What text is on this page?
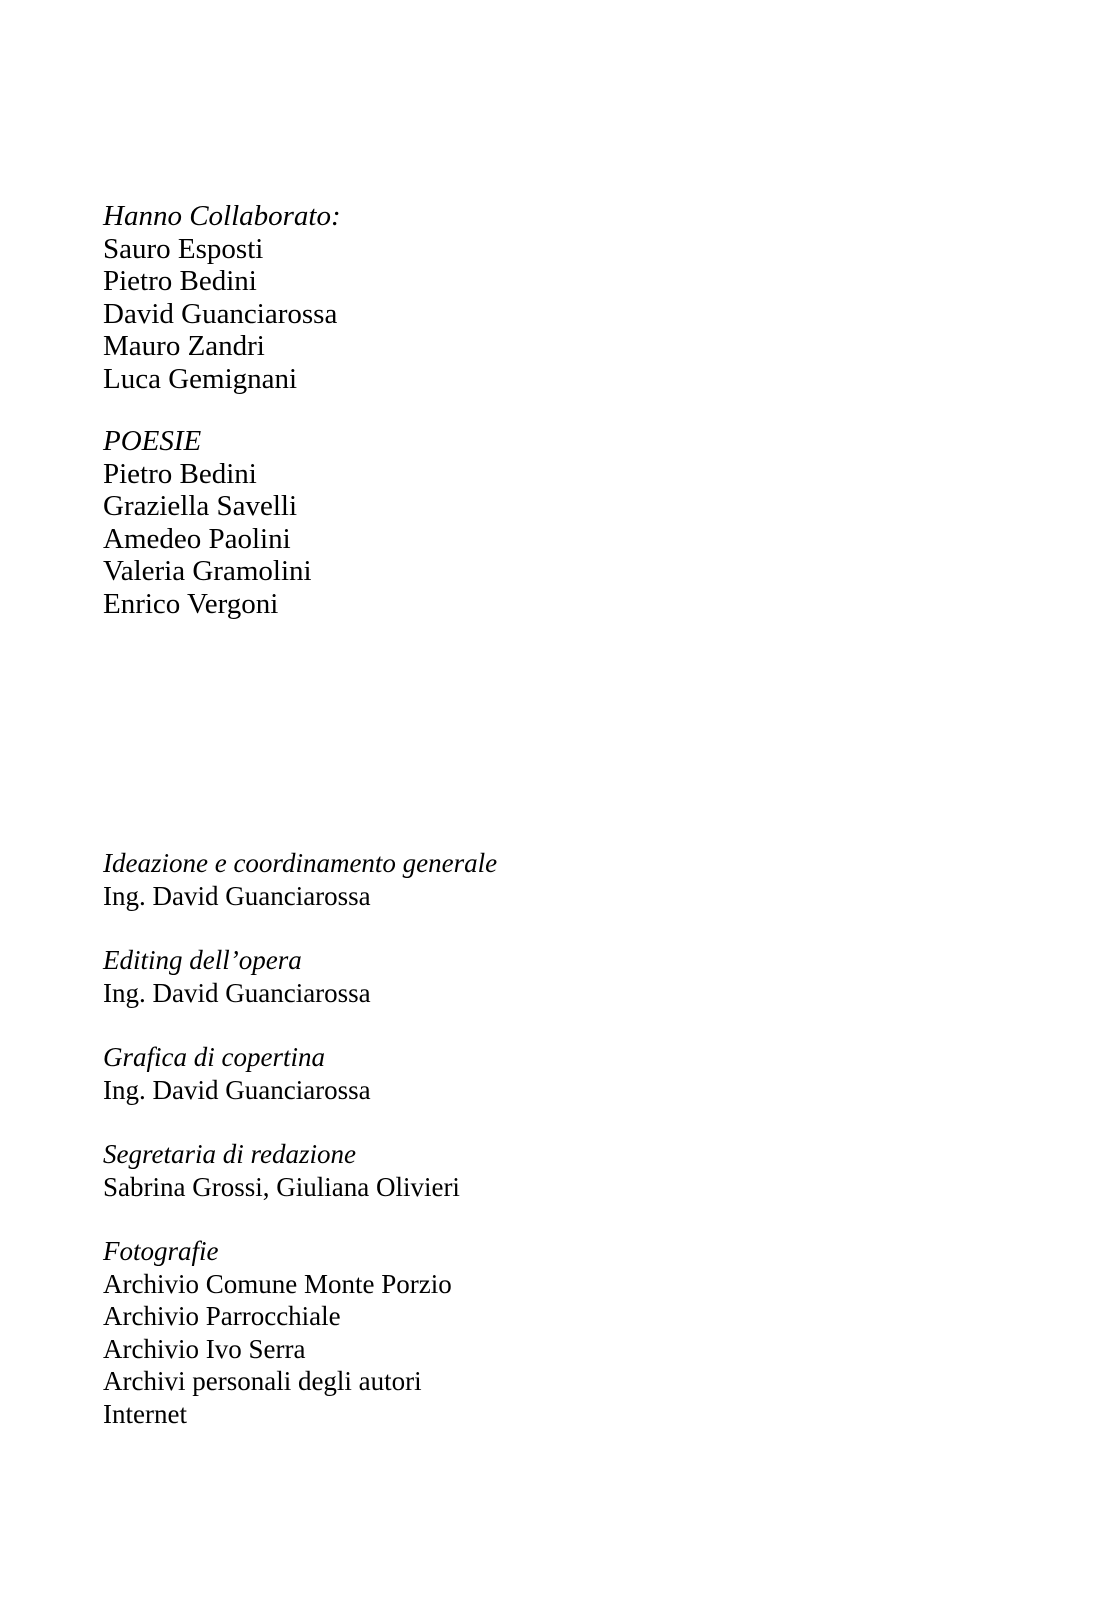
Hanno Collaborato:
Sauro Esposti
Pietro Bedini
David Guanciarossa
Mauro Zandri
Luca Gemignani
POESIE
Pietro Bedini
Graziella Savelli
Amedeo Paolini
Valeria Gramolini
Enrico Vergoni
Ideazione e coordinamento generale
Ing. David Guanciarossa
Editing dell’opera
Ing. David Guanciarossa
Grafica di copertina
Ing. David Guanciarossa
Segretaria di redazione
Sabrina Grossi, Giuliana Olivieri
Fotografie
Archivio Comune Monte Porzio
Archivio Parrocchiale
Archivio Ivo Serra
Archivi personali degli autori
Internet
